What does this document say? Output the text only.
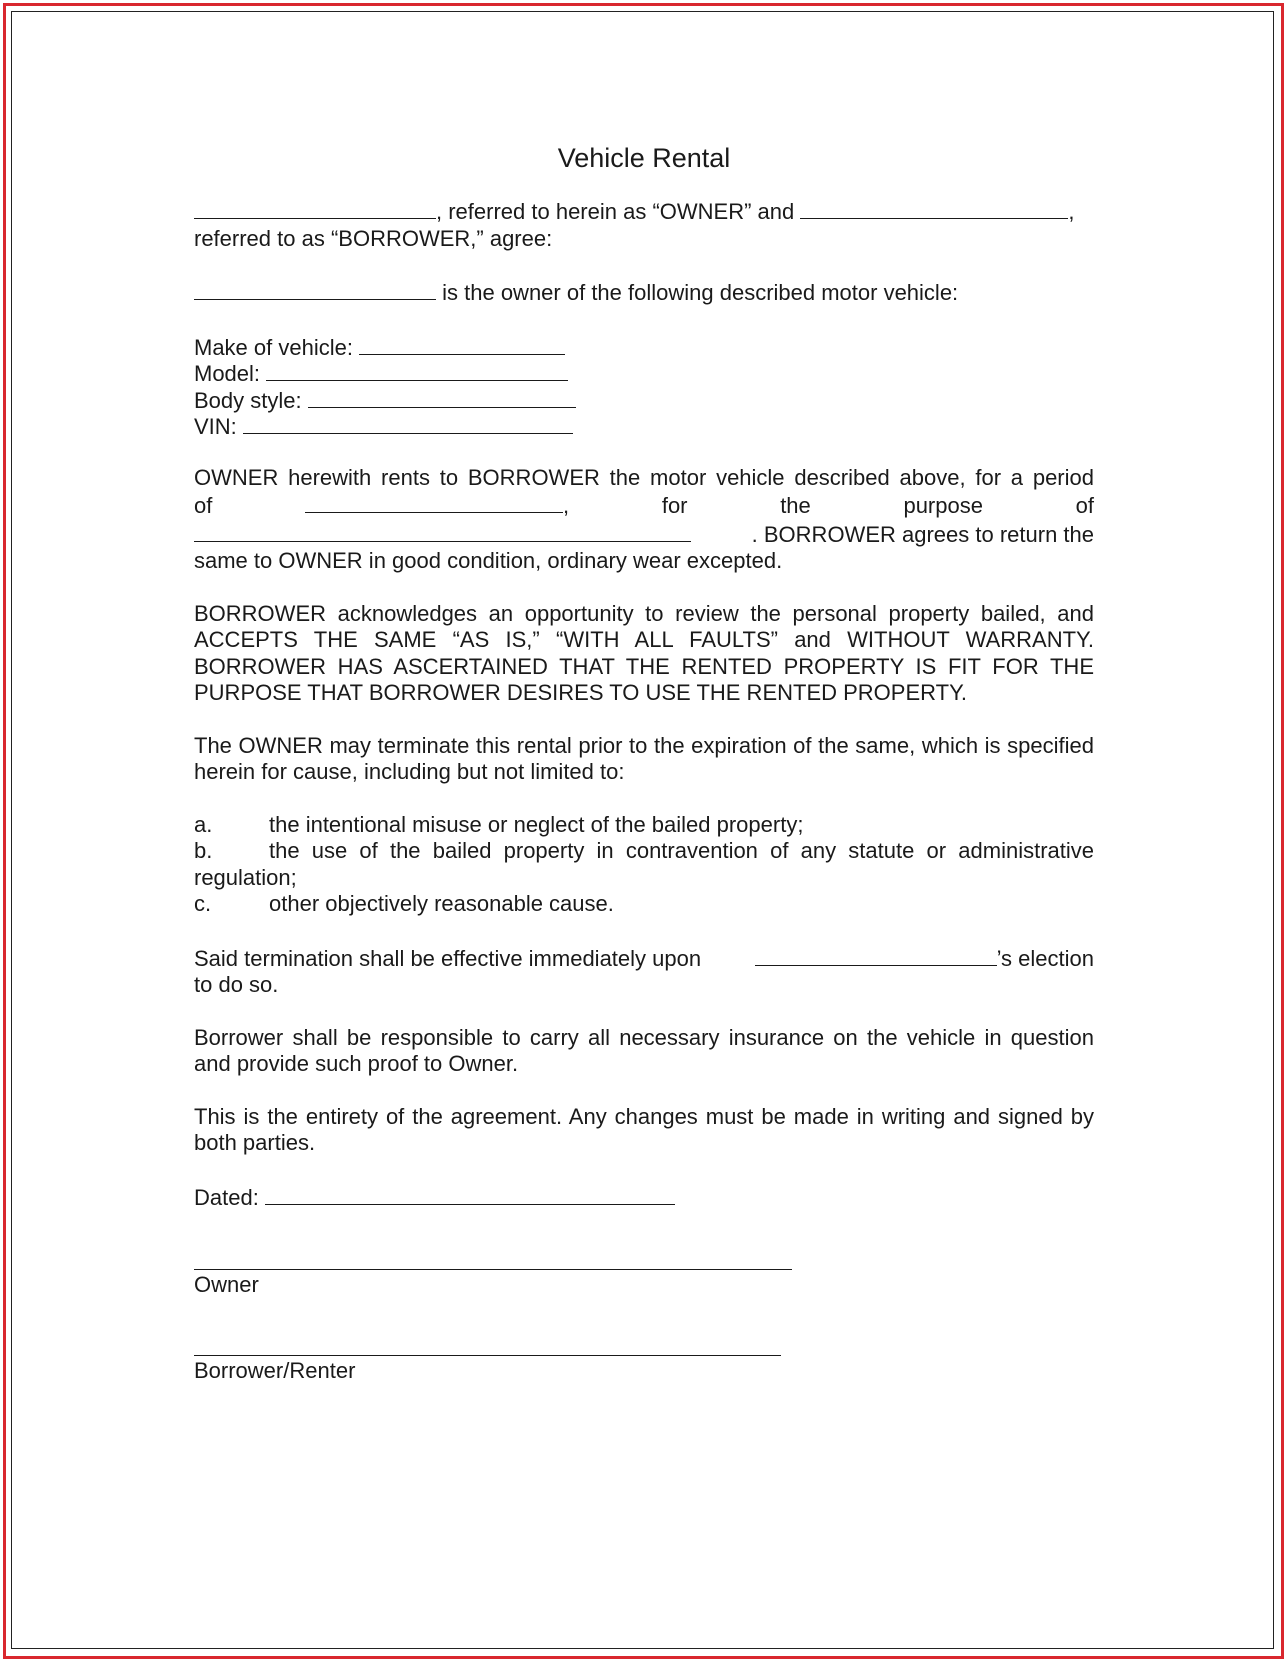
Vehicle Rental

, referred to herein as “OWNER” and	,
referred to as “BORROWER,” agree:

is the owner of the following described motor vehicle:

Make of vehicle:

Model:

Body style:

VIN:

OWNER herewith rents to BORROWER the motor vehicle described above, for a period
of	,	for	the	purpose	of
. BORROWER agrees to return the
same to OWNER in good condition, ordinary wear excepted.

BORROWER acknowledges an opportunity to review the personal property bailed, and ACCEPTS THE SAME “AS IS,” “WITH ALL FAULTS” and WITHOUT WARRANTY. BORROWER HAS ASCERTAINED THAT THE RENTED PROPERTY IS FIT FOR THE PURPOSE THAT BORROWER DESIRES TO USE THE RENTED PROPERTY.

The OWNER may terminate this rental prior to the expiration of the same, which is specified herein for cause, including but not limited to:

a.	the intentional misuse or neglect of the bailed property;
b.	the use of the bailed property in contravention of any statute or administrative
regulation;
c.	other objectively reasonable cause.

Said termination shall be effective immediately upon	’s election
to do so.

Borrower shall be responsible to carry all necessary insurance on the vehicle in question and provide such proof to Owner.

This is the entirety of the agreement. Any changes must be made in writing and signed by both parties.

Dated:

Owner
Borrower/Renter
